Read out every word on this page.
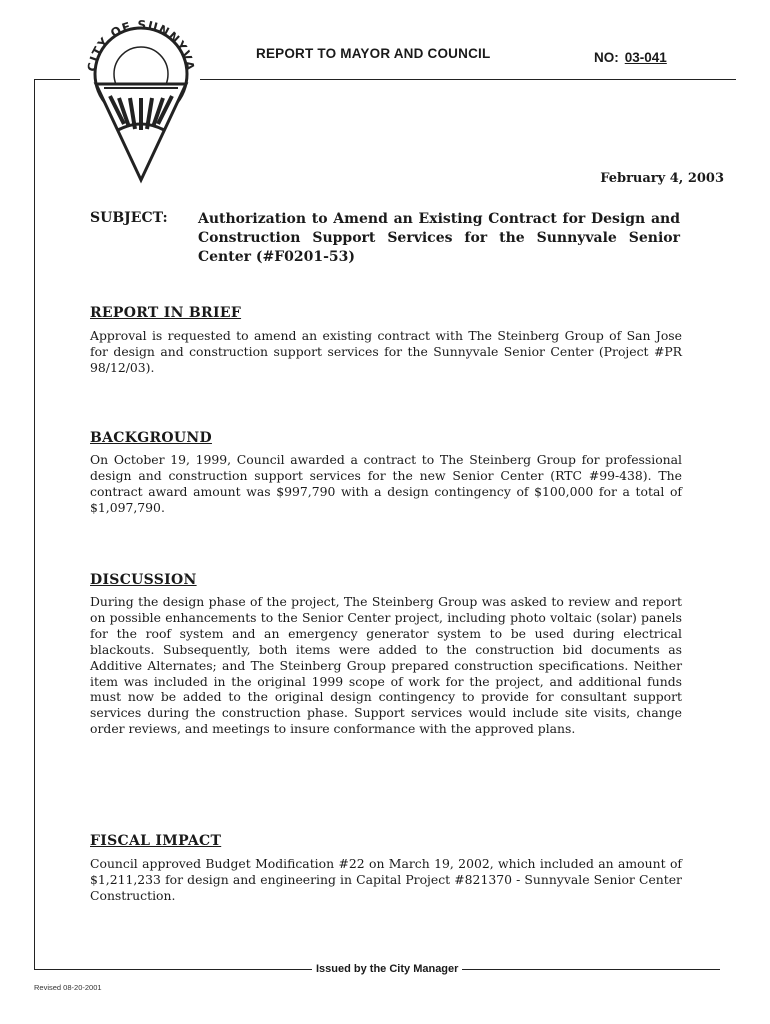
CITY OF SUNNYVA
REPORT TO MAYOR AND COUNCIL	NO: 03-041
February 4, 2003
SUBJECT: Authorization to Amend an Existing Contract for Design and Construction Support Services for the Sunnyvale Senior Center (#F0201-53)
REPORT IN BRIEF
Approval is requested to amend an existing contract with The Steinberg Group of San Jose for design and construction support services for the Sunnyvale Senior Center (Project #PR 98/12/03).
BACKGROUND
On October 19, 1999, Council awarded a contract to The Steinberg Group for professional design and construction support services for the new Senior Center (RTC #99-438). The contract award amount was $997,790 with a design contingency of $100,000 for a total of $1,097,790.
DISCUSSION
During the design phase of the project, The Steinberg Group was asked to review and report on possible enhancements to the Senior Center project, including photo voltaic (solar) panels for the roof system and an emergency generator system to be used during electrical blackouts. Subsequently, both items were added to the construction bid documents as Additive Alternates; and The Steinberg Group prepared construction specifications. Neither item was included in the original 1999 scope of work for the project, and additional funds must now be added to the original design contingency to provide for consultant support services during the construction phase. Support services would include site visits, change order reviews, and meetings to insure conformance with the approved plans.
FISCAL IMPACT
Council approved Budget Modification #22 on March 19, 2002, which included an amount of $1,211,233 for design and engineering in Capital Project #821370 - Sunnyvale Senior Center Construction.
Issued by the City Manager
Revised 08-20-2001
